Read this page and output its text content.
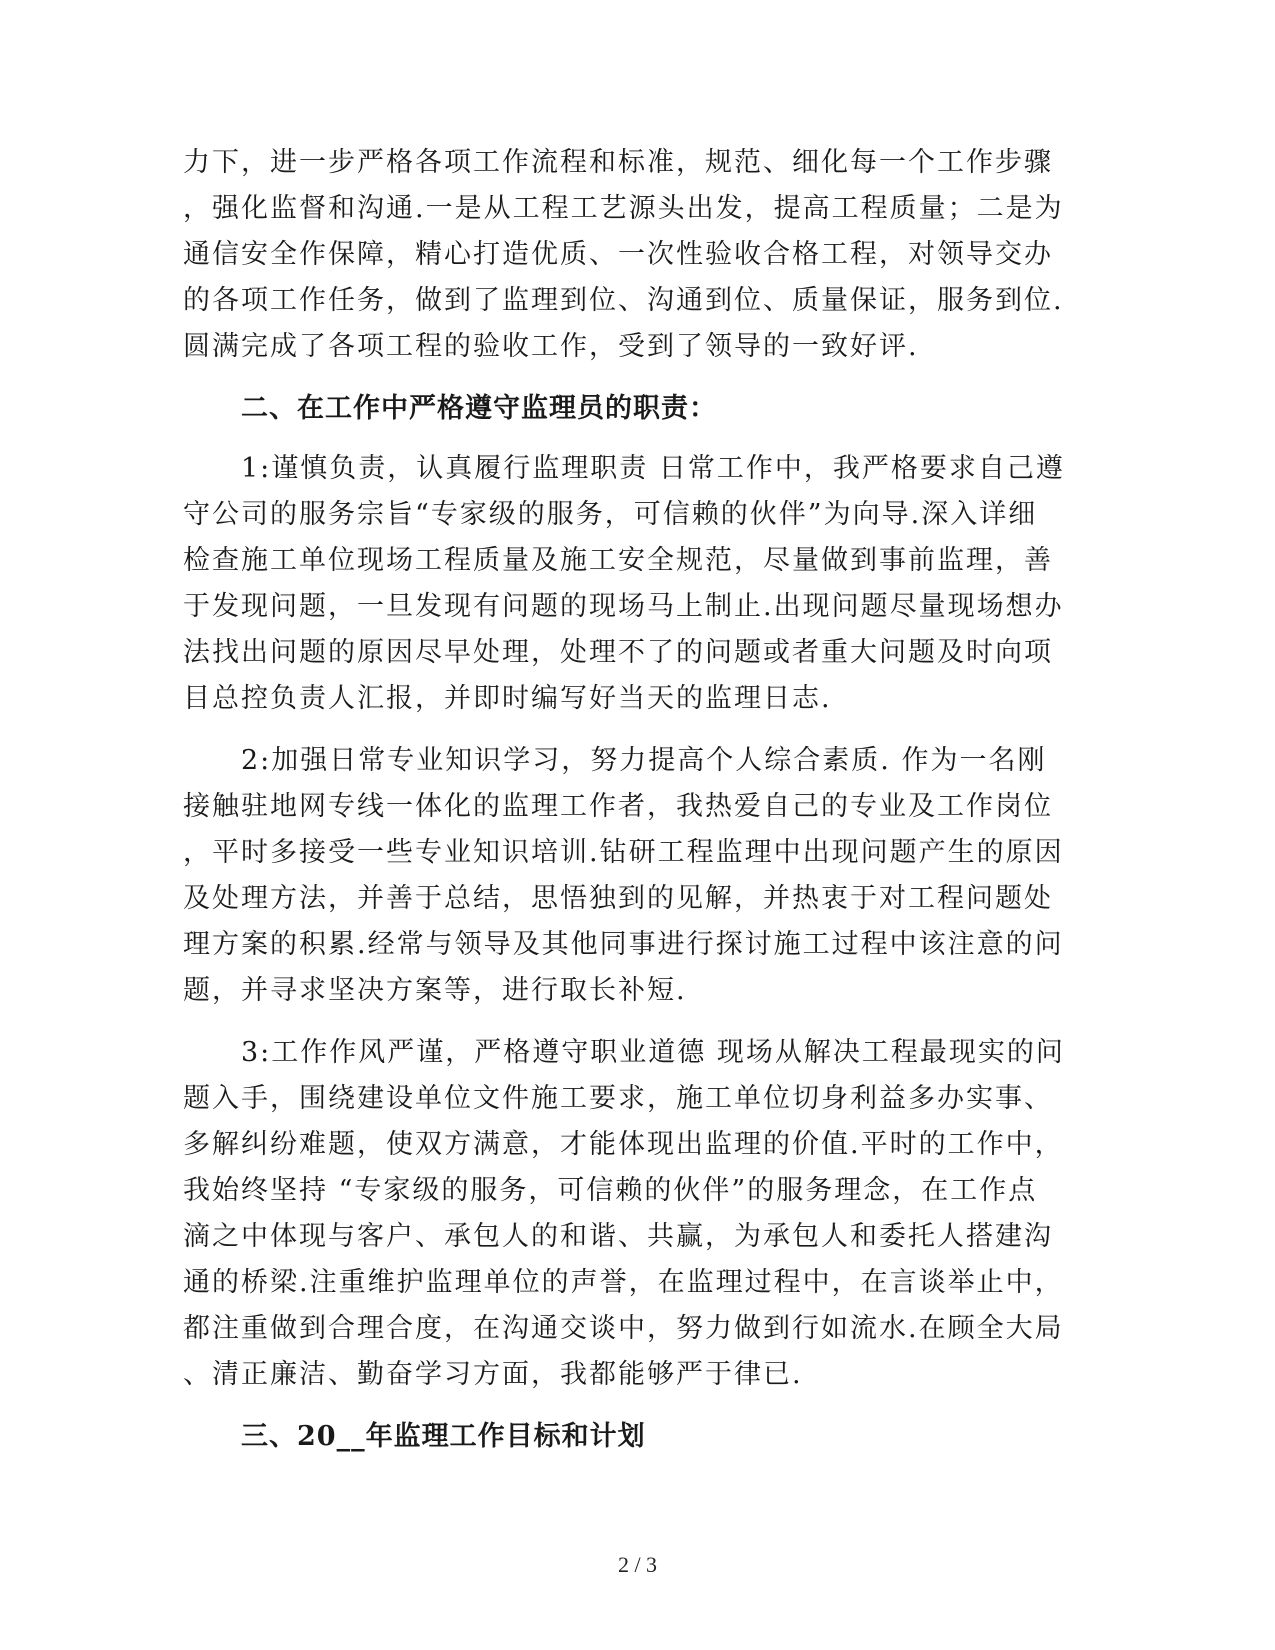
力下，进一步严格各项工作流程和标准，规范、细化每一个工作步骤
，强化监督和沟通.一是从工程工艺源头出发，提高工程质量；二是为
通信安全作保障，精心打造优质、一次性验收合格工程，对领导交办
的各项工作任务，做到了监理到位、沟通到位、质量保证，服务到位.
圆满完成了各项工程的验收工作，受到了领导的一致好评.
二、在工作中严格遵守监理员的职责：
1:谨慎负责，认真履行监理职责 日常工作中，我严格要求自己遵
守公司的服务宗旨“专家级的服务，可信赖的伙伴”为向导.深入详细
检查施工单位现场工程质量及施工安全规范，尽量做到事前监理，善
于发现问题，一旦发现有问题的现场马上制止.出现问题尽量现场想办
法找出问题的原因尽早处理，处理不了的问题或者重大问题及时向项
目总控负责人汇报，并即时编写好当天的监理日志.
2:加强日常专业知识学习，努力提高个人综合素质. 作为一名刚
接触驻地网专线一体化的监理工作者，我热爱自己的专业及工作岗位
，平时多接受一些专业知识培训.钻研工程监理中出现问题产生的原因
及处理方法，并善于总结，思悟独到的见解，并热衷于对工程问题处
理方案的积累.经常与领导及其他同事进行探讨施工过程中该注意的问
题，并寻求坚决方案等，进行取长补短.
3:工作作风严谨，严格遵守职业道德 现场从解决工程最现实的问
题入手，围绕建设单位文件施工要求，施工单位切身利益多办实事、
多解纠纷难题，使双方满意，才能体现出监理的价值.平时的工作中，
我始终坚持 “专家级的服务，可信赖的伙伴”的服务理念，在工作点
滴之中体现与客户、承包人的和谐、共赢，为承包人和委托人搭建沟
通的桥梁.注重维护监理单位的声誉，在监理过程中，在言谈举止中，
都注重做到合理合度，在沟通交谈中，努力做到行如流水.在顾全大局
、清正廉洁、勤奋学习方面，我都能够严于律已.
三、20__年监理工作目标和计划
2 / 3
